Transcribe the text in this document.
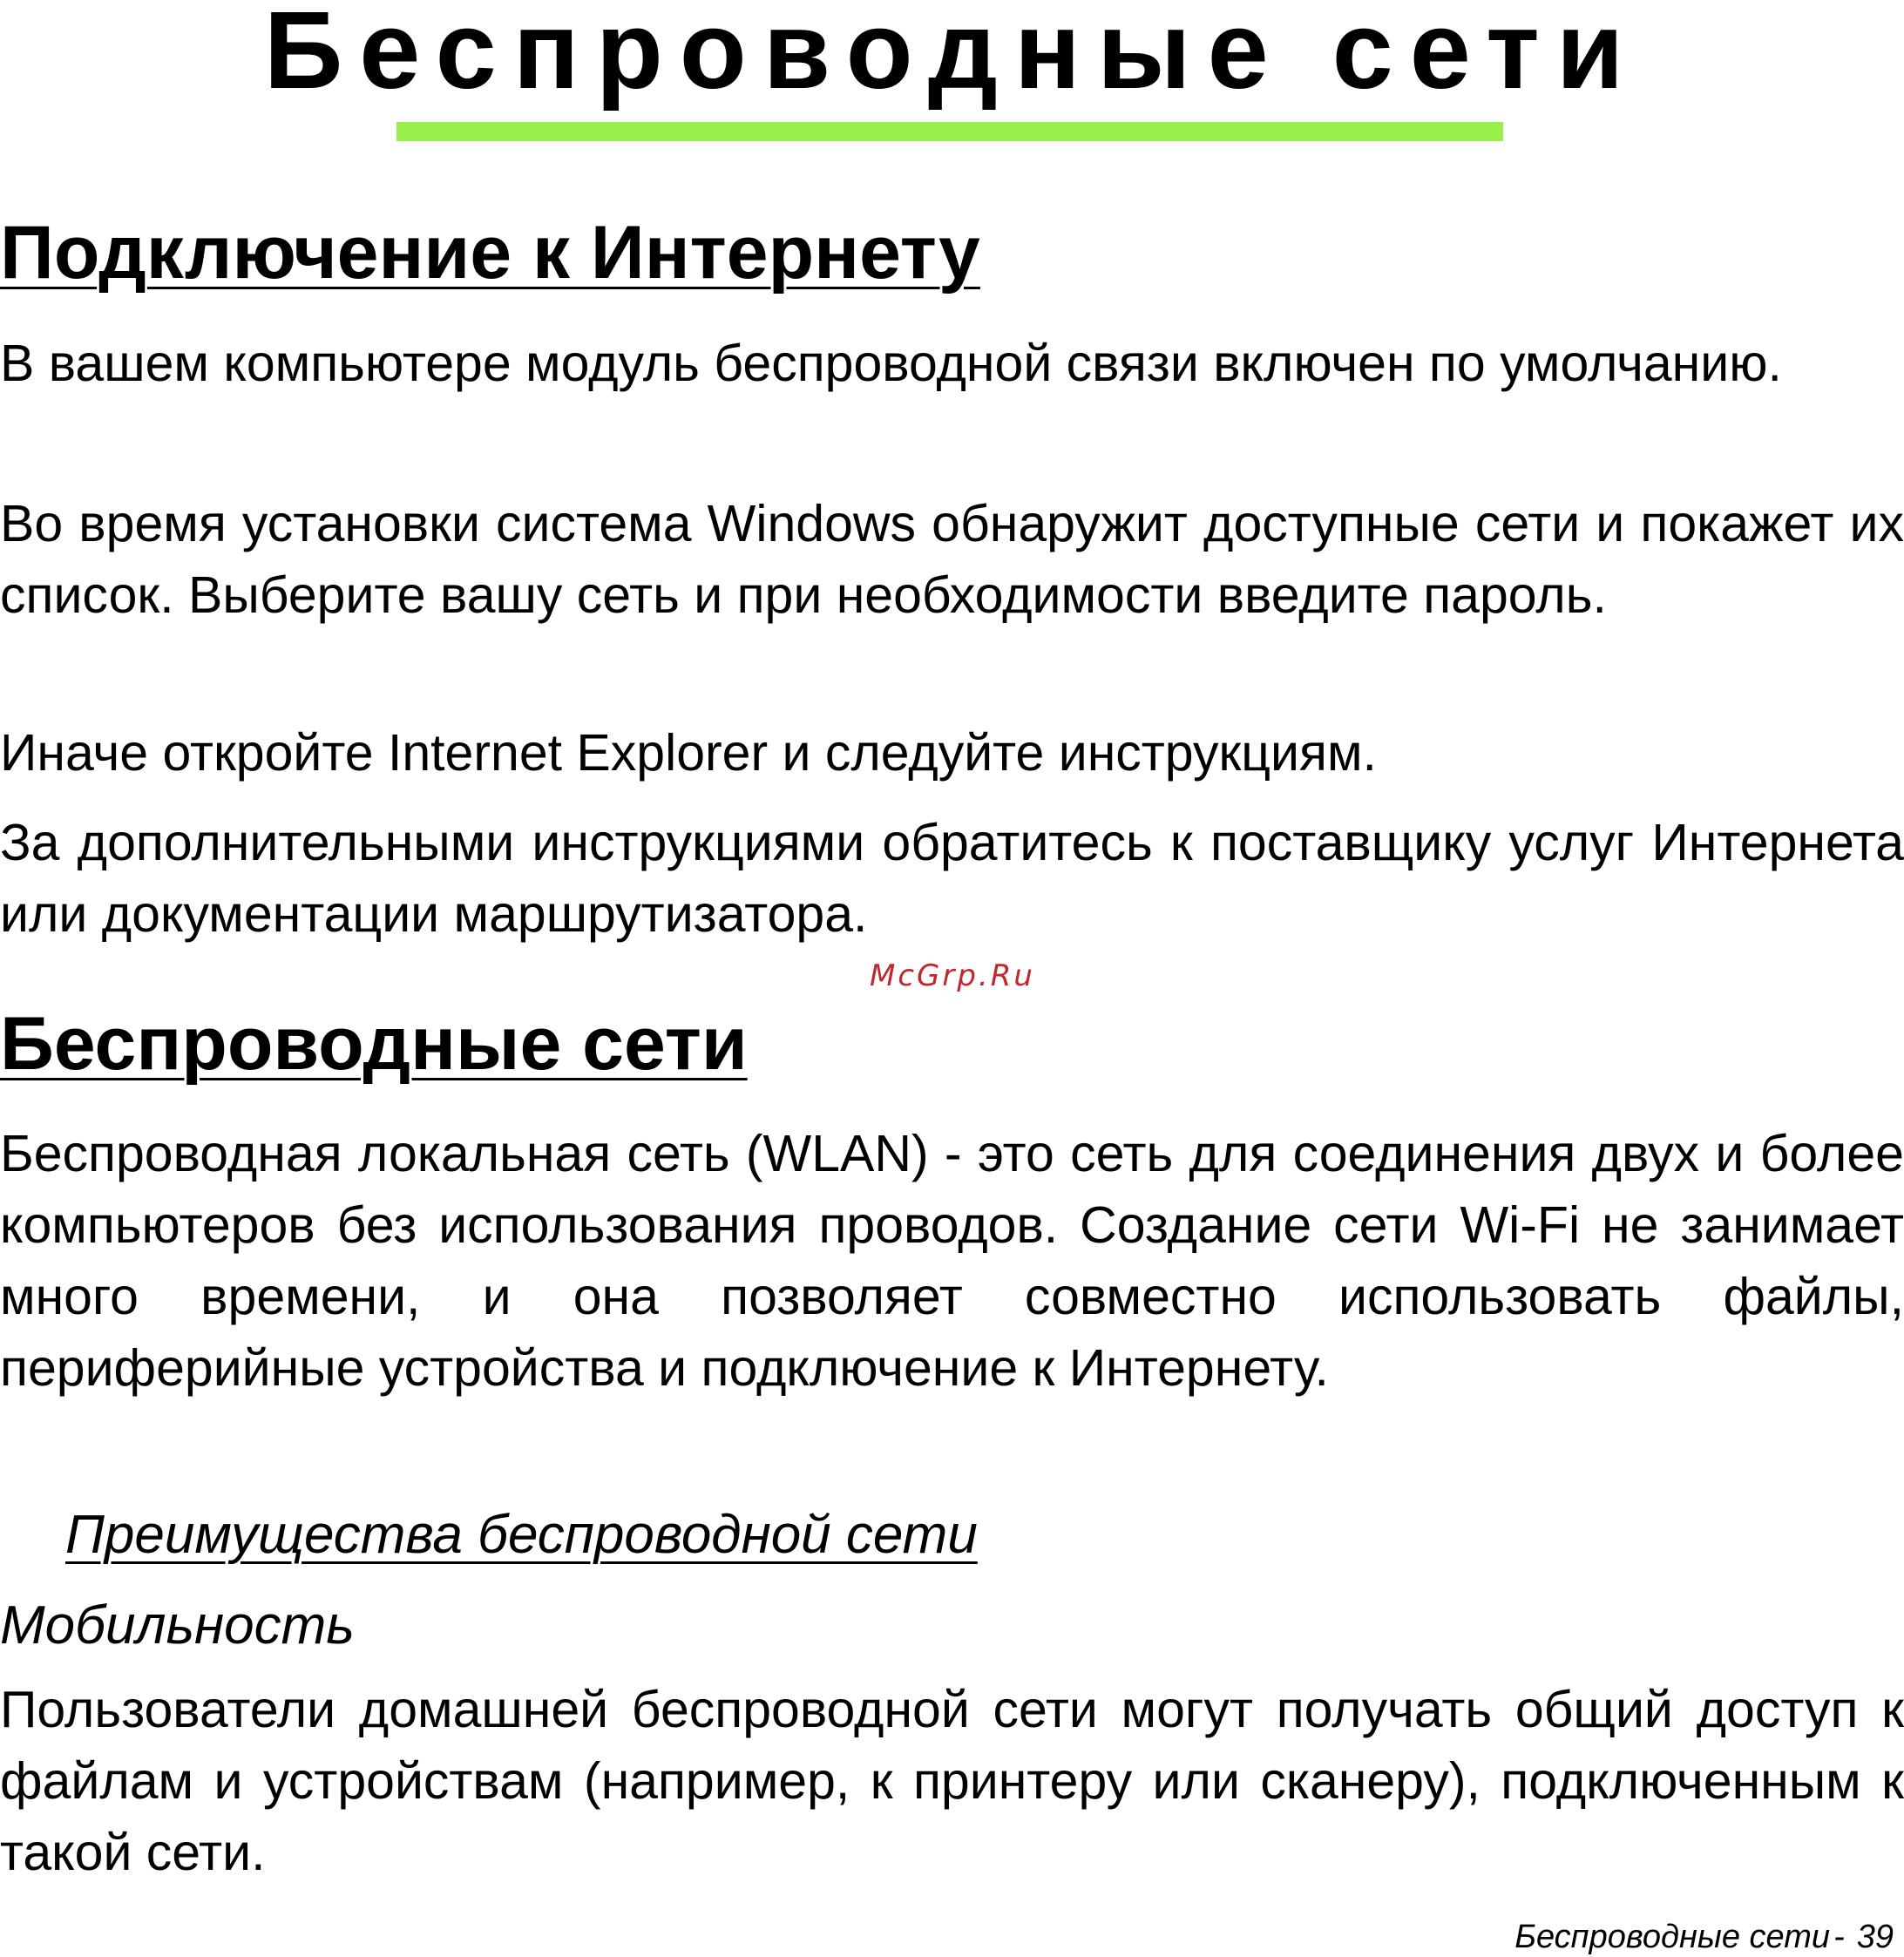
Беспроводные сети
Подключение к Интернету
В вашем компьютере модуль беспроводной связи включен по умолчанию.
Во время установки система Windows обнаружит доступные сети и покажет их список. Выберите вашу сеть и при необходимости введите пароль.
Иначе откройте Internet Explorer и следуйте инструкциям.
За дополнительными инструкциями обратитесь к поставщику услуг Интернета или документации маршрутизатора.
McGrp.Ru
Беспроводные сети
Беспроводная локальная сеть (WLAN) - это сеть для соединения двух и более компьютеров без использования проводов. Создание сети Wi-Fi не занимает много времени, и она позволяет совместно использовать файлы, периферийные устройства и подключение к Интернету.
Преимущества беспроводной сети
Мобильность
Пользователи домашней беспроводной сети могут получать общий доступ к файлам и устройствам (например, к принтеру или сканеру), подключенным к такой сети.
Беспроводные сети - 39
